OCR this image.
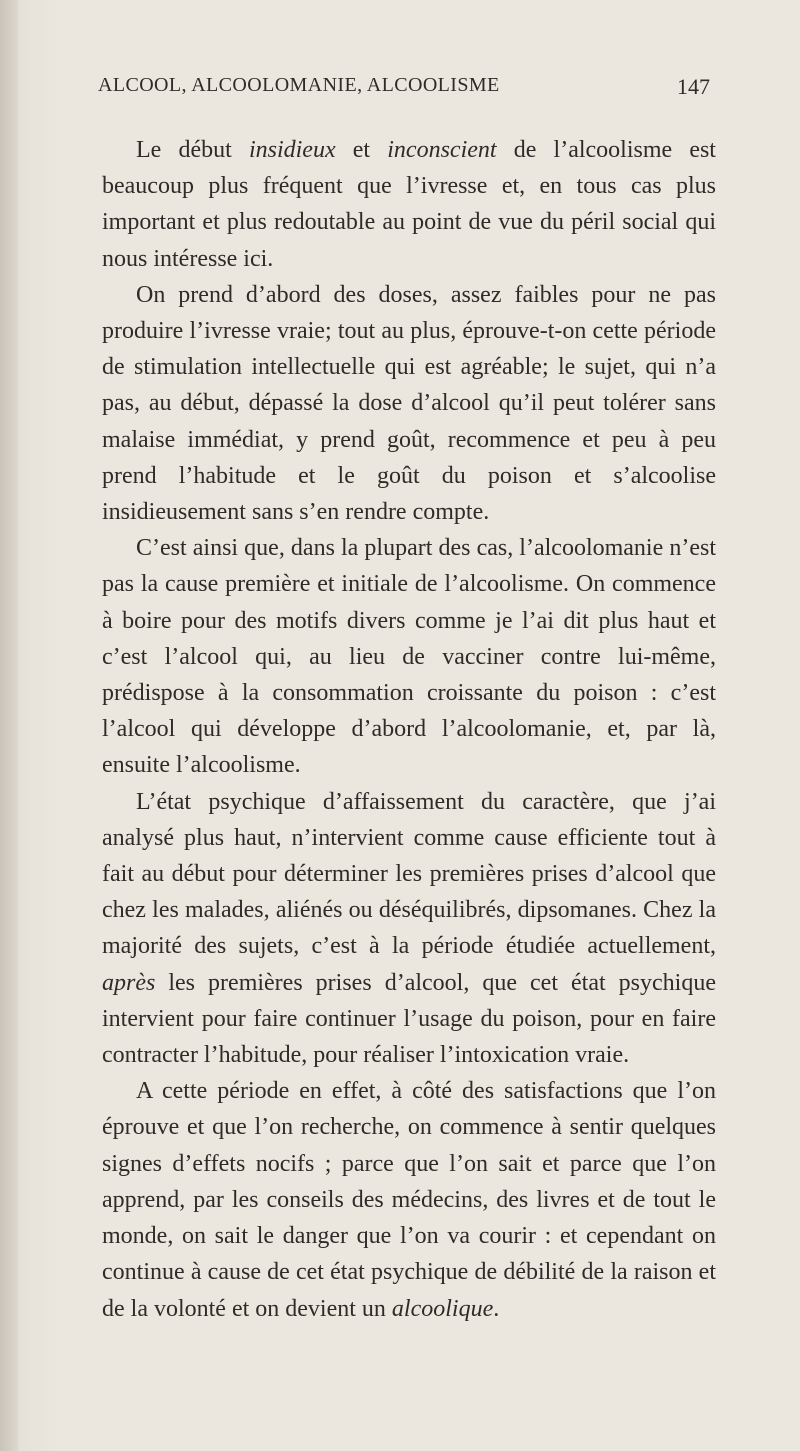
ALCOOL, ALCOOLOMANIE, ALCOOLISME	147

Le début insidieux et inconscient de l’alcoolisme est beaucoup plus fréquent que l’ivresse et, en tous cas plus important et plus redoutable au point de vue du péril social qui nous intéresse ici.

On prend d’abord des doses, assez faibles pour ne pas produire l’ivresse vraie; tout au plus, éprouve-t-on cette période de stimulation intellectuelle qui est agréable; le sujet, qui n’a pas, au début, dépassé la dose d’alcool qu’il peut tolérer sans malaise immédiat, y prend goût, recommence et peu à peu prend l’habitude et le goût du poison et s’alcoolise insidieusement sans s’en rendre compte.

C’est ainsi que, dans la plupart des cas, l’alcoolomanie n’est pas la cause première et initiale de l’alcoolisme. On commence à boire pour des motifs divers comme je l’ai dit plus haut et c’est l’alcool qui, au lieu de vacciner contre lui-même, prédispose à la consommation croissante du poison : c’est l’alcool qui développe d’abord l’alcoolomanie, et, par là, ensuite l’alcoolisme.

L’état psychique d’affaissement du caractère, que j’ai analysé plus haut, n’intervient comme cause efficiente tout à fait au début pour déterminer les premières prises d’alcool que chez les malades, aliénés ou déséquilibrés, dipsomanes. Chez la majorité des sujets, c’est à la période étudiée actuellement, après les premières prises d’alcool, que cet état psychique intervient pour faire continuer l’usage du poison, pour en faire contracter l’habitude, pour réaliser l’intoxication vraie.

A cette période en effet, à côté des satisfactions que l’on éprouve et que l’on recherche, on commence à sentir quelques signes d’effets nocifs ; parce que l’on sait et parce que l’on apprend, par les conseils des médecins, des livres et de tout le monde, on sait le danger que l’on va courir : et cependant on continue à cause de cet état psychique de débilité de la raison et de la volonté et on devient un alcoolique.
